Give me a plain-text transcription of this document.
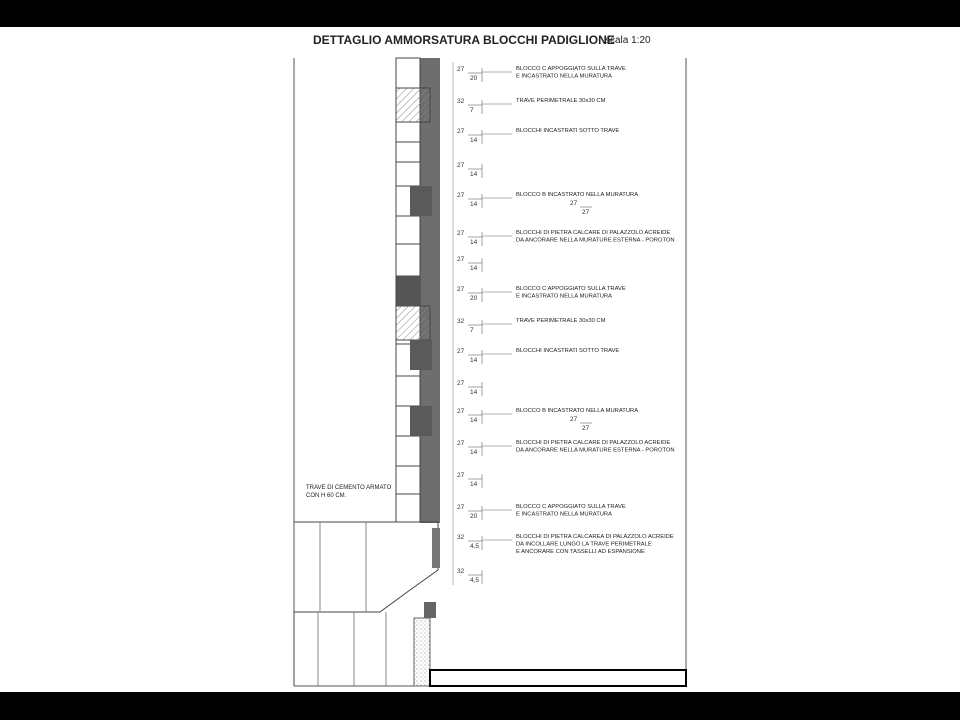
DETTAGLIO AMMORSATURA BLOCCHI PADIGLIONE
scala 1:20
27
20
BLOCCO C APPOGGIATO SULLA TRAVE
E INCASTRATO NELLA MURATURA
32
7
TRAVE PERIMETRALE 30x30 CM
27
14
BLOCCHI INCASTRATI SOTTO TRAVE
27
14
27
14
BLOCCO B INCASTRATO NELLA MURATURA
27
27
27
14
BLOCCHI DI PIETRA CALCARE DI PALAZZOLO ACREIDE
DA ANCORARE NELLA MURATURE ESTERNA - POROTON
27
14
27
20
BLOCCO C APPOGGIATO SULLA TRAVE
E INCASTRATO NELLA MURATURA
32
7
TRAVE PERIMETRALE 30x30 CM
27
14
BLOCCHI INCASTRATI SOTTO TRAVE
27
14
27
14
BLOCCO B INCASTRATO NELLA MURATURA
27
27
27
14
BLOCCHI DI PIETRA CALCARE DI PALAZZOLO ACREIDE
DA ANCORARE NELLA MURATURE ESTERNA - POROTON
27
14
27
20
BLOCCO C APPOGGIATO SULLA TRAVE
E INCASTRATO NELLA MURATURA
32
4,5
BLOCCHI DI PIETRA CALCAREA DI PALAZZOLO ACREIDE
DA INCOLLARE LUNGO LA TRAVE PERIMETRALE
E ANCORARE CON TASSELLI AD ESPANSIONE
32
4,5
TRAVE DI CEMENTO ARMATO
CON H 60 CM.
